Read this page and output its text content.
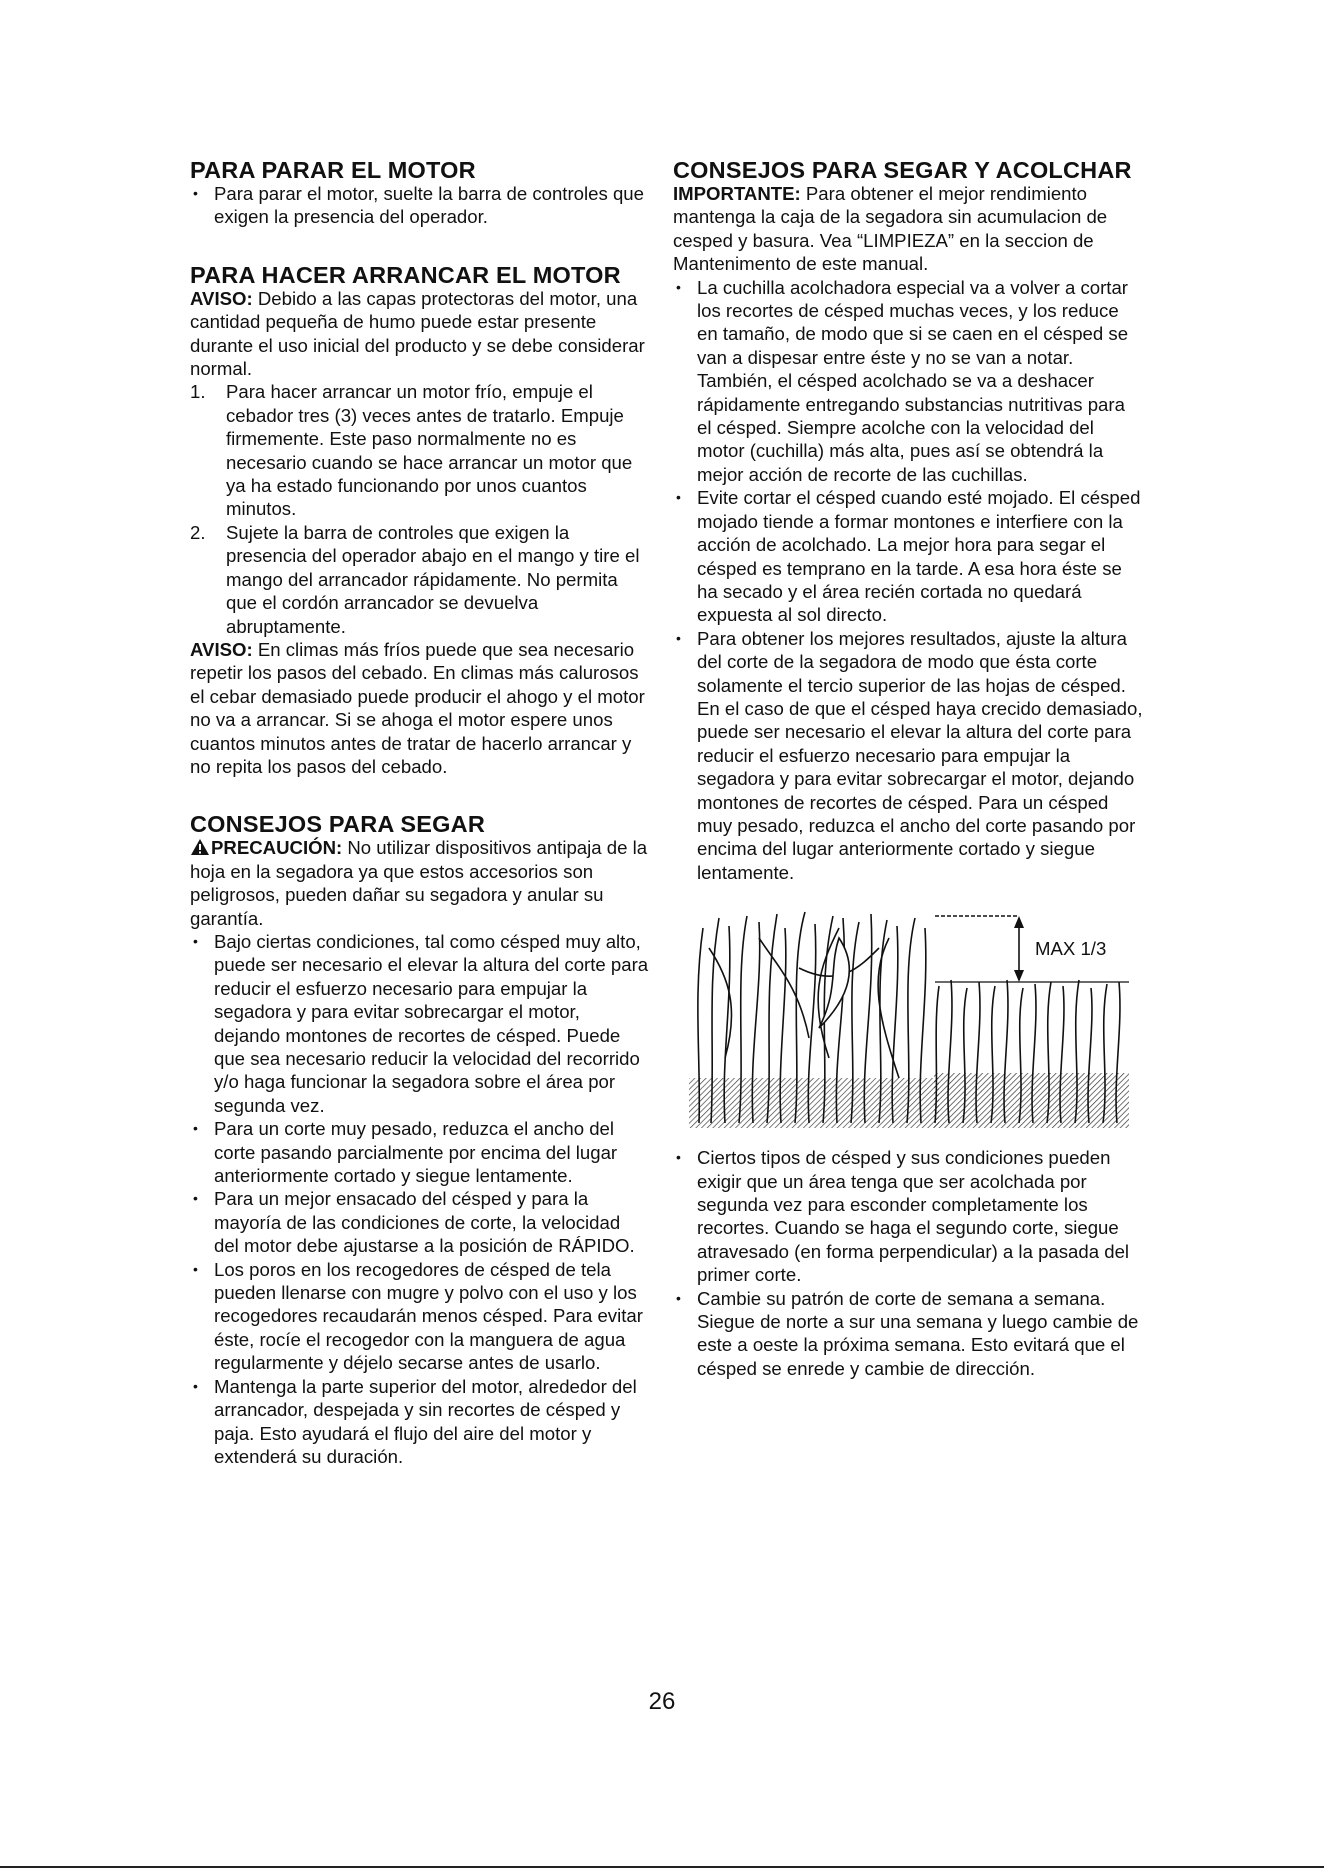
PARA PARAR EL MOTOR
• Para parar el motor, suelte la barra de controles que exigen la presencia del operador.
PARA HACER ARRANCAR EL MOTOR

AVISO: Debido a las capas protectoras del motor, una cantidad pequeña de humo puede estar presente durante el uso inicial del producto y se debe considerar normal.

1. Para hacer arrancar un motor frío, empuje el cebador tres (3) veces antes de tratarlo. Empuje firmemente. Este paso normalmente no es necesario cuando se hace arrancar un motor que ya ha estado funcionando por unos cuantos minutos.
2. Sujete la barra de controles que exigen la presencia del operador abajo en el mango y tire el mango del arrancador rápidamente. No permita que el cordón arrancador se devuelva abruptamente.

AVISO: En climas más fríos puede que sea necesario repetir los pasos del cebado. En climas más calurosos el cebar demasiado puede producir el ahogo y el motor no va a arrancar. Si se ahoga el motor espere unos cuantos minutos antes de tratar de hacerlo arrancar y no repita los pasos del cebado.

CONSEJOS PARA SEGAR

PRECAUCIÓN: No utilizar dispositivos antipaja de la hoja en la segadora ya que estos accesorios son peligrosos, pueden dañar su segadora y anular su garantía.

• Bajo ciertas condiciones, tal como césped muy alto, puede ser necesario el elevar la altura del corte para reducir el esfuerzo necesario para empujar la segadora y para evitar sobrecargar el motor, dejando montones de recortes de césped. Puede que sea necesario reducir la velocidad del recorrido y/o haga funcionar la segadora sobre el área por segunda vez.
• Para un corte muy pesado, reduzca el ancho del corte pasando parcialmente por encima del lugar anteriormente cortado y siegue lentamente.
• Para un mejor ensacado del césped y para la mayoría de las condiciones de corte, la velocidad del motor debe ajustarse a la posición de RÁPIDO.
• Los poros en los recogedores de césped de tela pueden llenarse con mugre y polvo con el uso y los recogedores recaudarán menos césped. Para evitar éste, rocíe el recogedor con la manguera de agua regularmente y déjelo secarse antes de usarlo.
• Mantenga la parte superior del motor, alrededor del arrancador, despejada y sin recortes de césped y paja. Esto ayudará el flujo del aire del motor y extenderá su duración.
CONSEJOS PARA SEGAR Y ACOLCHAR

IMPORTANTE: Para obtener el mejor rendimiento mantenga la caja de la segadora sin acumulacion de cesped y basura. Vea “LIMPIEZA” en la seccion de Mantenimento de este manual.

• La cuchilla acolchadora especial va a volver a cortar los recortes de césped muchas veces, y los reduce en tamaño, de modo que si se caen en el césped se van a dispesar entre éste y no se van a notar. También, el césped acolchado se va a deshacer rápidamente entregando substancias nutritivas para el césped. Siempre acolche con la velocidad del motor (cuchilla) más alta, pues así se obtendrá la mejor acción de recorte de las cuchillas.
• Evite cortar el césped cuando esté mojado. El césped mojado tiende a formar montones e interfiere con la acción de acolchado. La mejor hora para segar el césped es temprano en la tarde. A esa hora éste se ha secado y el área recién cortada no quedará expuesta al sol directo.
• Para obtener los mejores resultados, ajuste la altura del corte de la segadora de modo que ésta corte solamente el tercio superior de las hojas de césped. En el caso de que el césped haya crecido demasiado, puede ser necesario el elevar la altura del corte para reducir el esfuerzo necesario para empujar la segadora y para evitar sobrecargar el motor, dejando montones de recortes de césped. Para un césped muy pesado, reduzca el ancho del corte pasando por encima del lugar anteriormente cortado y siegue lentamente.
MAX 1/3
• Ciertos tipos de césped y sus condiciones pueden exigir que un área tenga que ser acolchada por segunda vez para esconder completamente los recortes. Cuando se haga el segundo corte, siegue atravesado (en forma perpendicular) a la pasada del primer corte.
• Cambie su patrón de corte de semana a semana. Siegue de norte a sur una semana y luego cambie de este a oeste la próxima semana. Esto evitará que el césped se enrede y cambie de dirección.
26
